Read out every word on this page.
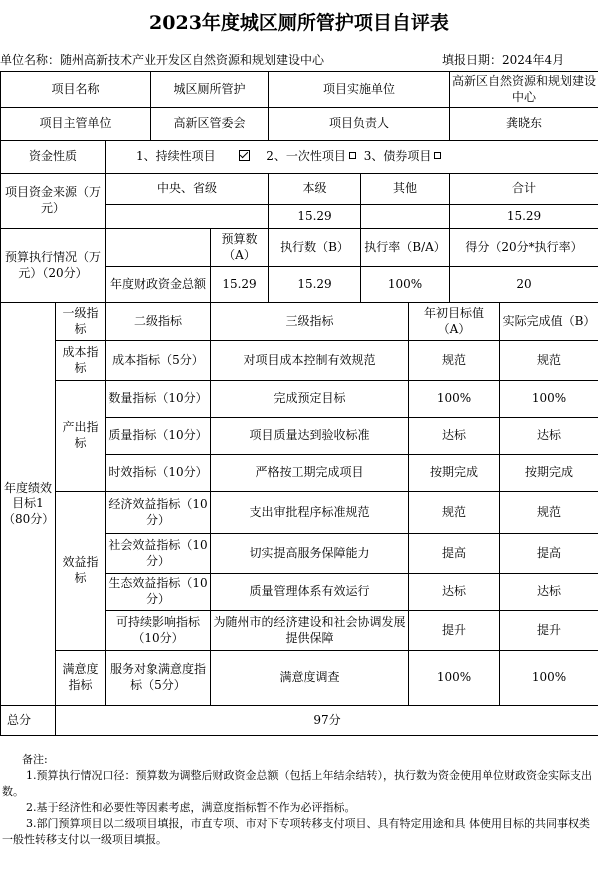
2023年度城区厕所管护项目自评表
单位名称：随州高新技术产业开发区自然资源和规划建设中心	填报日期：2024年4月
项目名称			城区厕所管护		项目实施单位			高新区自然资源和规划建设中心		
项目主管单位			高新区管委会		项目负责人			龚晓东		
资金性质		1、持续性项目 2、一次性项目 3、债券项目								
项目资金来源（万元）		中央、省级			本级	其他		合计		
					15.29			15.29		
预算执行情况（万元）（20分）				预算数（A）	执行数（B）	执行率（B/A）		得分（20分*执行率）		
		年度财政资金总额		15.29	15.29	100%		20		
年度绩效目标1（80分）	一级指标	二级指标		三级指标			年初目标值（A）		实际完成值（B）	
	成本指标	成本指标（5分）		对项目成本控制有效规范			规范		规范	
	产出指标	数量指标（10分）		完成预定目标			100%		100%	
		质量指标（10分）		项目质量达到验收标准			达标		达标	
		时效指标（10分）		严格按工期完成项目			按期完成		按期完成	
	效益指标	经济效益指标（10分）		支出审批程序标准规范			规范		规范	
		社会效益指标（10分）		切实提高服务保障能力			提高		提高	
		生态效益指标（10分）		质量管理体系有效运行			达标		达标	
		可持续影响指标（10分）		为随州市的经济建设和社会协调发展提供保障			提升		提升	
	满意度指标	服务对象满意度指标（5分）		满意度调查			100%		100%	
总分	97分									

备注:

1.预算执行情况口径：预算数为调整后财政资金总额（包括上年结余结转），执行数为资金使用单位财政资金实际支出数。

2.基于经济性和必要性等因素考虑，满意度指标暂不作为必评指标。

3.部门预算项目以二级项目填报，市直专项、市对下专项转移支付项目、具有特定用途和具 体使用目标的共同事权类一般性转移支付以一级项目填报。
